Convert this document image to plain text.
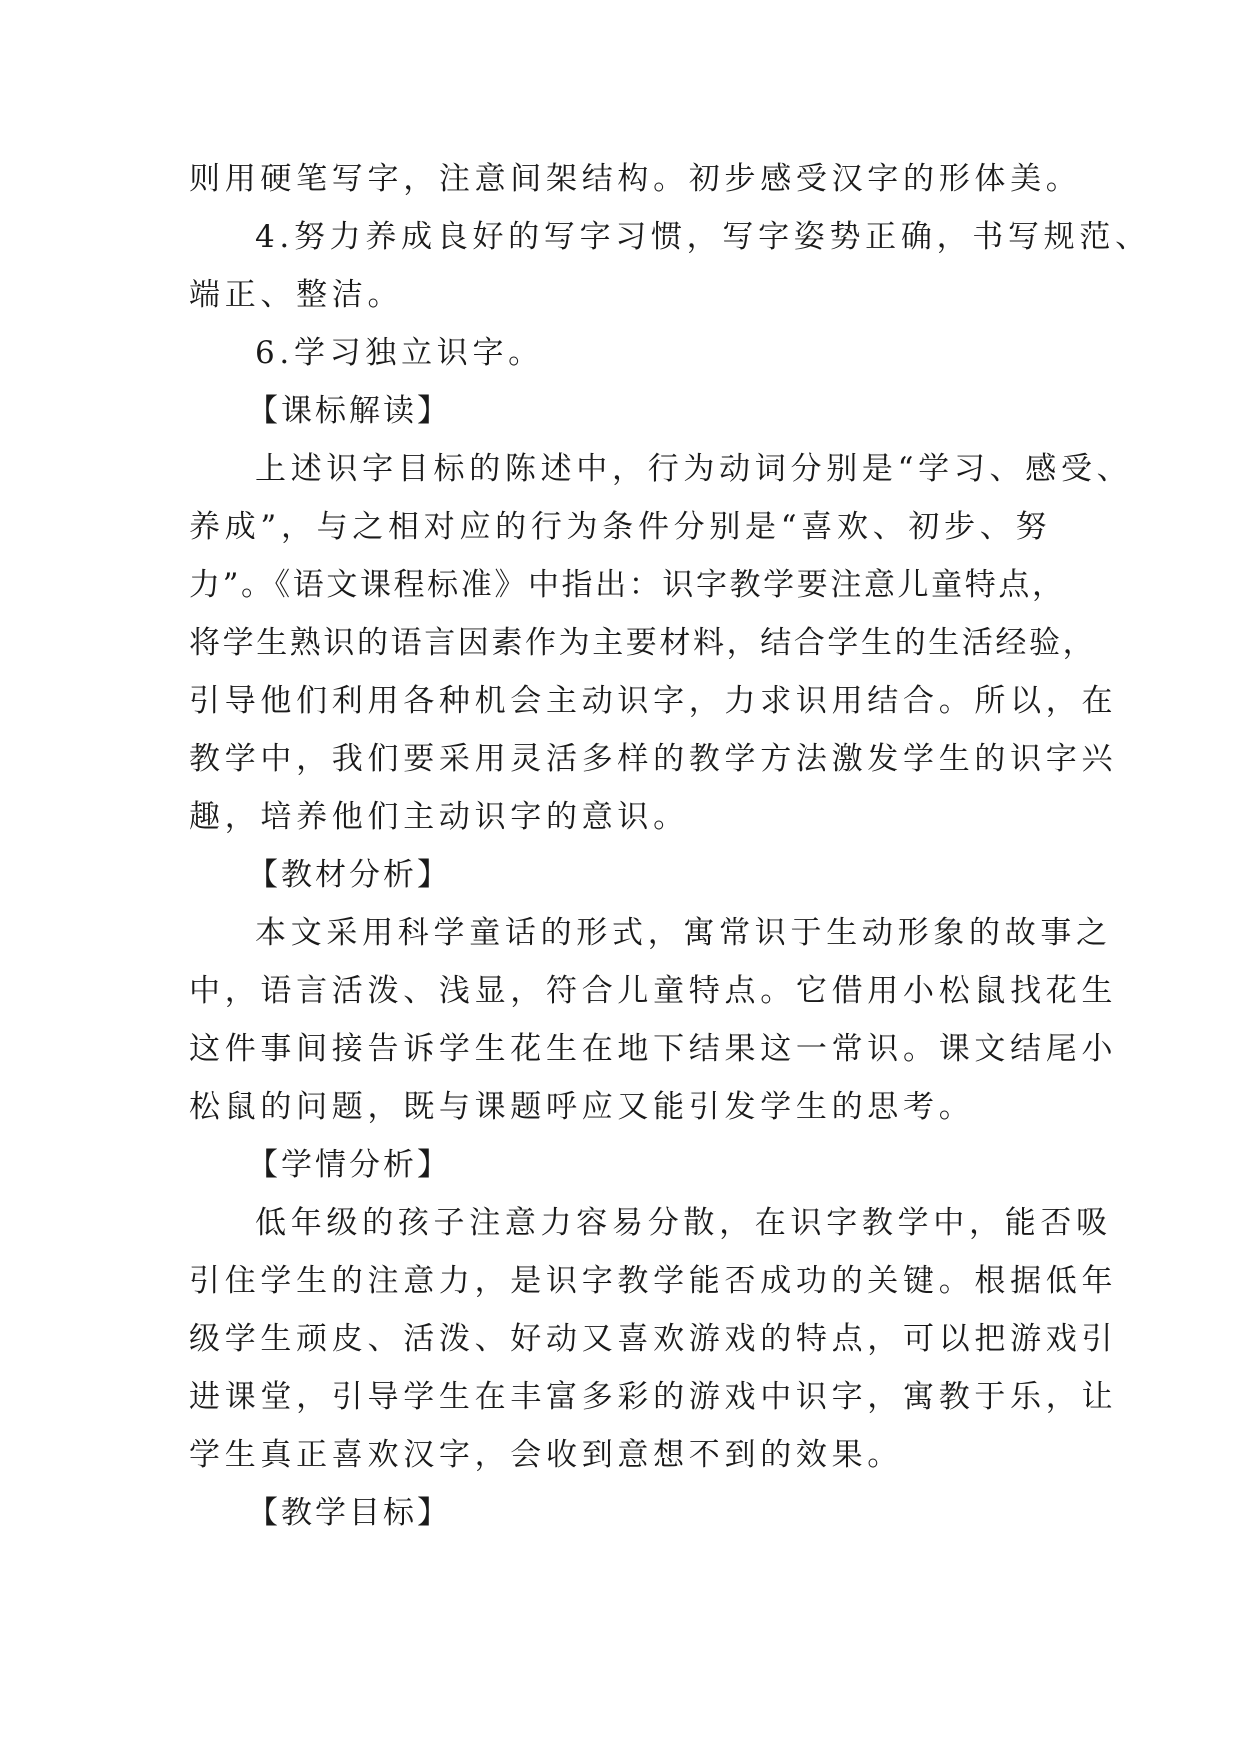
则用硬笔写字，注意间架结构。初步感受汉字的形体美。
4.努力养成良好的写字习惯，写字姿势正确，书写规范、
端正、整洁。
6.学习独立识字。
【课标解读】
上述识字目标的陈述中，行为动词分别是“学习、感受、
养成”，与之相对应的行为条件分别是“喜欢、初步、努
力”。《语文课程标准》中指出：识字教学要注意儿童特点，
将学生熟识的语言因素作为主要材料，结合学生的生活经验，
引导他们利用各种机会主动识字，力求识用结合。所以，在
教学中，我们要采用灵活多样的教学方法激发学生的识字兴
趣，培养他们主动识字的意识。
【教材分析】
本文采用科学童话的形式，寓常识于生动形象的故事之
中，语言活泼、浅显，符合儿童特点。它借用小松鼠找花生
这件事间接告诉学生花生在地下结果这一常识。课文结尾小
松鼠的问题，既与课题呼应又能引发学生的思考。
【学情分析】
低年级的孩子注意力容易分散，在识字教学中，能否吸
引住学生的注意力，是识字教学能否成功的关键。根据低年
级学生顽皮、活泼、好动又喜欢游戏的特点，可以把游戏引
进课堂，引导学生在丰富多彩的游戏中识字，寓教于乐，让
学生真正喜欢汉字，会收到意想不到的效果。
【教学目标】
